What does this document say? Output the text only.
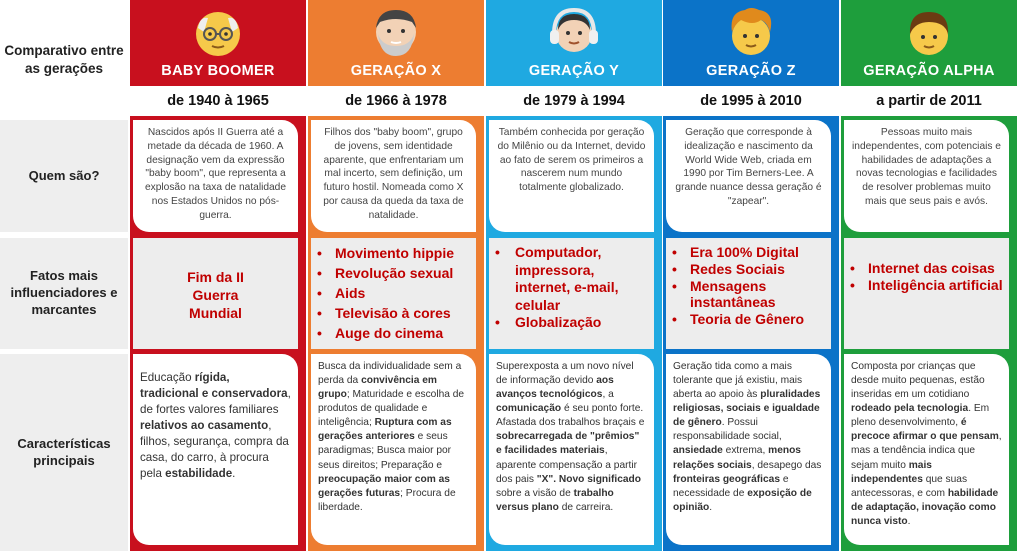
Comparativo entre as gerações
Quem são?
Fatos mais influenciadores e marcantes
Características principais
BABY BOOMER
de 1940 à 1965
Nascidos após II Guerra até a metade da década de 1960. A designação vem da expressão "baby boom", que representa a explosão na taxa de natalidade nos Estados Unidos no pós-guerra.
Fim da II Guerra Mundial
Educação rígida, tradicional e conservadora, de fortes valores familiares relativos ao casamento, filhos, segurança, compra da casa, do carro, à procura pela estabilidade.
GERAÇÃO X
de 1966 à 1978
Filhos dos "baby boom", grupo de jovens, sem identidade aparente, que enfrentariam um mal incerto, sem definição, um futuro hostil. Nomeada como X por causa da queda da taxa de natalidade.
• Movimento hippie
• Revolução sexual
• Aids
• Televisão à cores
• Auge do cinema
Busca da individualidade sem a perda da convivência em grupo; Maturidade e escolha de produtos de qualidade e inteligência; Ruptura com as gerações anteriores e seus paradigmas; Busca maior por seus direitos; Preparação e preocupação maior com as gerações futuras; Procura de liberdade.
GERAÇÃO Y
de 1979 à 1994
Também conhecida por geração do Milênio ou da Internet, devido ao fato de serem os primeiros a nascerem num mundo totalmente globalizado.
• Computador, impressora, internet, e-mail, celular
• Globalização
Superexposta a um novo nível de informação devido aos avanços tecnológicos, a comunicação é seu ponto forte. Afastada dos trabalhos braçais e sobrecarregada de "prêmios" e facilidades materiais, aparente compensação a partir dos pais "X". Novo significado sobre a visão de trabalho versus plano de carreira.
GERAÇÃO Z
de 1995 à 2010
Geração que corresponde à idealização e nascimento da World Wide Web, criada em 1990 por Tim Berners-Lee. A grande nuance dessa geração é "zapear".
• Era 100% Digital
• Redes Sociais
• Mensagens instantâneas
• Teoria de Gênero
Geração tida como a mais tolerante que já existiu, mais aberta ao apoio às pluralidades religiosas, sociais e igualdade de gênero. Possui responsabilidade social, ansiedade extrema, menos relações sociais, desapego das fronteiras geográficas e necessidade de exposição de opinião.
GERAÇÃO ALPHA
a partir de 2011
Pessoas muito mais independentes, com potenciais e habilidades de adaptações a novas tecnologias e facilidades de resolver problemas muito mais que seus pais e avós.
• Internet das coisas
• Inteligência artificial
Composta por crianças que desde muito pequenas, estão inseridas em um cotidiano rodeado pela tecnologia. Em pleno desenvolvimento, é precoce afirmar o que pensam, mas a tendência indica que sejam muito mais independentes que suas antecessoras, e com habilidade de adaptação, inovação como nunca visto.
